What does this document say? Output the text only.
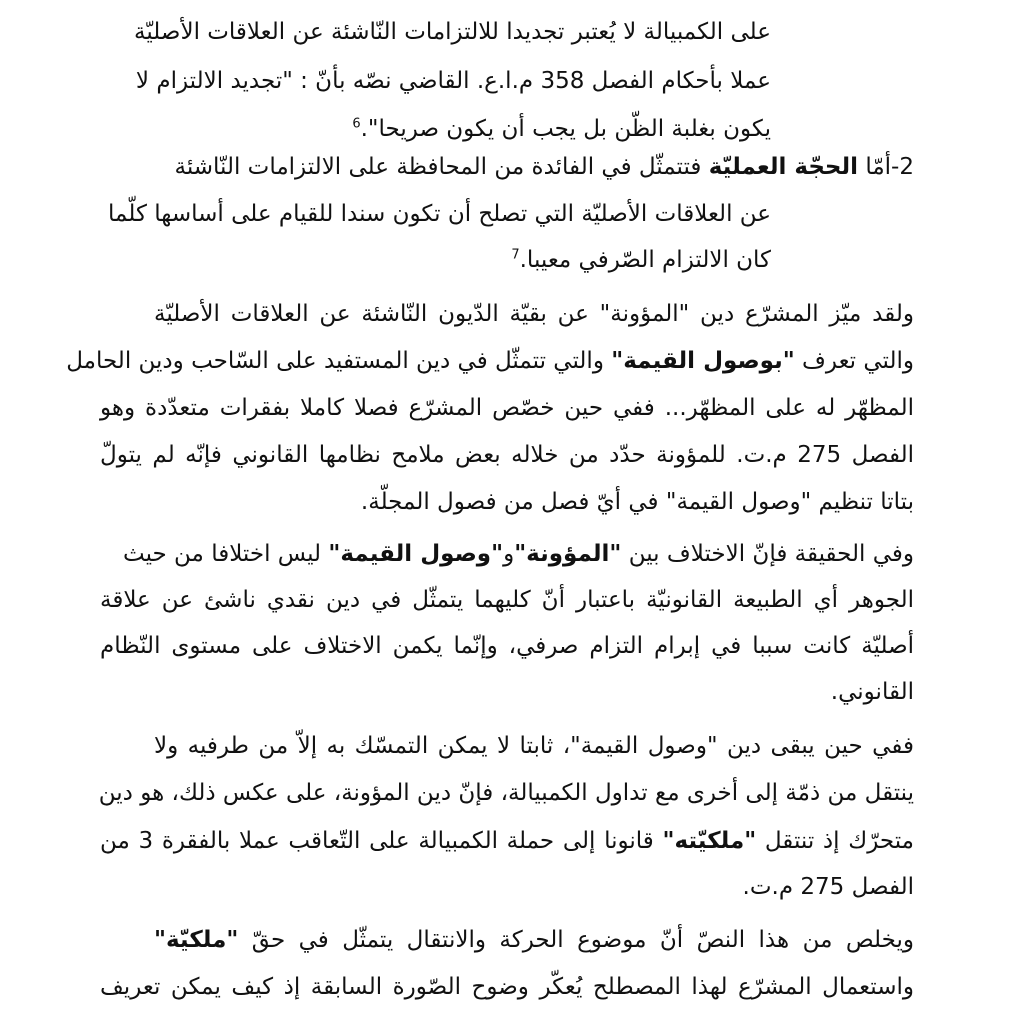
على الكمبيالة لا يُعتبر تجديدا للالتزامات النّاشئة عن العلاقات الأصليّة
عملا بأحكام الفصل 358 م.ا.ع. القاضي نصّه بأنّ : "تجديد الالتزام لا
يكون بغلبة الظّن بل يجب أن يكون صريحا".$^6$
2-أمّا الحجّة العمليّة فتتمثّل في الفائدة من المحافظة على الالتزامات النّاشئة
عن العلاقات الأصليّة التي تصلح أن تكون سندا للقيام على أساسها كلّما
كان الالتزام الصّرفي معيبا.$^7$
ولقد ميّز المشرّع دين "المؤونة" عن بقيّة الدّيون النّاشئة عن العلاقات الأصليّة
والتي تعرف "بوصول القيمة" والتي تتمثّل في دين المستفيد على السّاحب ودين الحامل
المظهّر له على المظهّر... ففي حين خصّص المشرّع فصلا كاملا بفقرات متعدّدة وهو
الفصل 275 م.ت. للمؤونة حدّد من خلاله بعض ملامح نظامها القانوني فإنّه لم يتولّ
بتاتا تنظيم "وصول القيمة" في أيّ فصل من فصول المجلّة.
وفي الحقيقة فإنّ الاختلاف بين "المؤونة"و"وصول القيمة" ليس اختلافا من حيث
الجوهر أي الطبيعة القانونيّة باعتبار أنّ كليهما يتمثّل في دين نقدي ناشئ عن علاقة
أصليّة كانت سببا في إبرام التزام صرفي، وإنّما يكمن الاختلاف على مستوى النّظام
القانوني.
ففي حين يبقى دين "وصول القيمة"، ثابتا لا يمكن التمسّك به إلاّ من طرفيه ولا
ينتقل من ذمّة إلى أخرى مع تداول الكمبيالة، فإنّ دين المؤونة، على عكس ذلك، هو دين
متحرّك إذ تنتقل "ملكيّته" قانونا إلى حملة الكمبيالة على التّعاقب عملا بالفقرة 3 من
الفصل 275 م.ت.
ويخلص من هذا النصّ أنّ موضوع الحركة والانتقال يتمثّل في حقّ "ملكيّة"
واستعمال المشرّع لهذا المصطلح يُعكّر وضوح الصّورة السابقة إذ كيف يمكن تعريف
